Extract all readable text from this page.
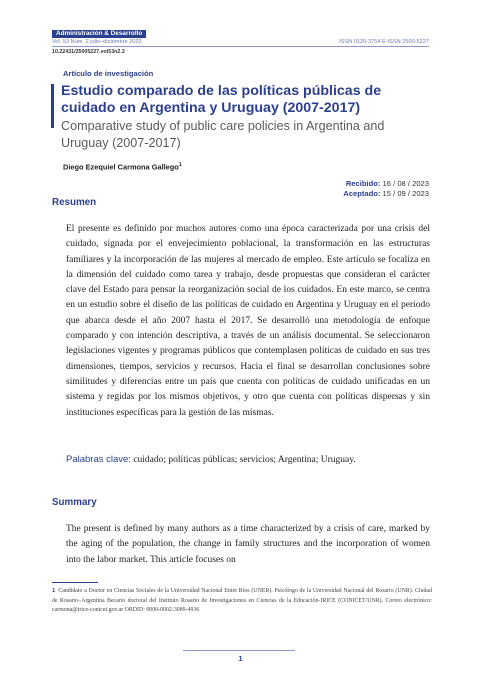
Administración & Desarrollo
Vol. 53 Núm. 2 julio–diciembre 2023	ISSN 0120-3754 E-ISSN 2500-5227
10.22431/25005227.vol53n2.3
Artículo de investigación
Estudio comparado de las políticas públicas de cuidado en Argentina y Uruguay (2007-2017)
Comparative study of public care policies in Argentina and Uruguay (2007-2017)
Diego Ezequiel Carmona Gallego$^1$
Recibido: 16 / 08 / 2023
Aceptado: 15 / 09 / 2023
Resumen

El presente es definido por muchos autores como una época caracterizada por una crisis del cuidado, signada por el envejecimiento poblacional, la transformación en las estructuras familiares y la incorporación de las mujeres al mercado de empleo. Este artículo se focaliza en la dimensión del cuidado como tarea y trabajo, desde propuestas que consideran el carácter clave del Estado para pensar la reorganización social de los cuidados. En este marco, se centra en un estudio sobre el diseño de las políticas de cuidado en Argentina y Uruguay en el periodo que abarca desde el año 2007 hasta el 2017. Se desarrolló una metodología de enfoque comparado y con intención descriptiva, a través de un análisis documental. Se seleccionaron legislaciones vigentes y programas públicos que contemplasen políticas de cuidado en sus tres dimensiones, tiempos, servicios y recursos. Hacia el final se desarrollan conclusiones sobre similitudes y diferencias entre un país que cuenta con políticas de cuidado unificadas en un sistema y regidas por los mismos objetivos, y otro que cuenta con políticas dispersas y sin instituciones específicas para la gestión de las mismas.

Palabras clave: cuidado; políticas públicas; servicios; Argentina; Uruguay.
Summary

The present is defined by many authors as a time characterized by a crisis of care, marked by the aging of the population, the change in family structures and the incorporation of women into the labor market. This article focuses on

1 Candidato a Doctor en Ciencias Sociales de la Universidad Nacional Entre Ríos (UNER). Psicólogo de la Universidad Nacional del Rosario (UNR). Ciudad de Rosario–Argentina Becario doctoral del Instituto Rosario de Investigaciones en Ciencias de la Educación-IRICE (CONICET/UNR). Correo electrónico: carmona@irice-conicet.gov.ar ORDID: 0000-0002-3089-4936

1
